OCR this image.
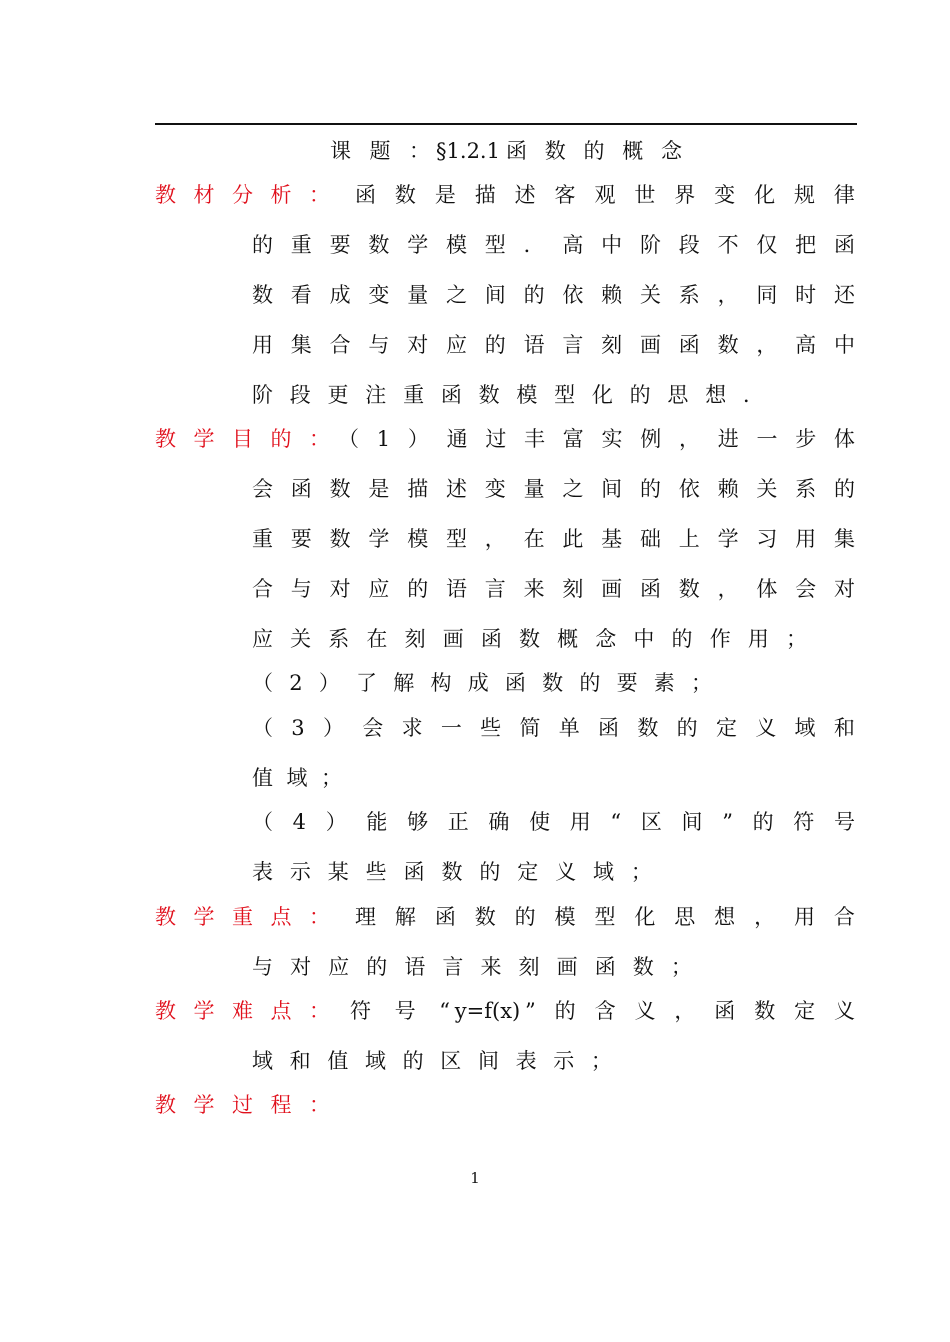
课 题 ： §1.2.1 函 数 的 概 念
教 材 分 析 ： 函 数 是 描 述 客 观 世 界 变 化 规 律
的 重 要 数 学 模 型 ． 高 中 阶 段 不 仅 把 函
数 看 成 变 量 之 间 的 依 赖 关 系 ， 同 时 还
用 集 合 与 对 应 的 语 言 刻 画 函 数 ， 高 中
阶 段 更 注 重 函 数 模 型 化 的 思 想 ．
教 学 目 的 ： （ 1 ） 通 过 丰 富 实 例 ， 进 一 步 体
会 函 数 是 描 述 变 量 之 间 的 依 赖 关 系 的
重 要 数 学 模 型 ， 在 此 基 础 上 学 习 用 集
合 与 对 应 的 语 言 来 刻 画 函 数 ， 体 会 对
应 关 系 在 刻 画 函 数 概 念 中 的 作 用 ；
（ 2 ） 了 解 构 成 函 数 的 要 素 ；
（ 3 ） 会 求 一 些 简 单 函 数 的 定 义 域 和
值 域 ；
（ 4 ） 能 够 正 确 使 用 “ 区 间 ” 的 符 号
表 示 某 些 函 数 的 定 义 域 ；
教 学 重 点 ： 理 解 函 数 的 模 型 化 思 想 ， 用 合
与 对 应 的 语 言 来 刻 画 函 数 ；
教 学 难 点 ： 符 号 “ y=f(x) ” 的 含 义 ， 函 数 定 义
域 和 值 域 的 区 间 表 示 ；
教 学 过 程 ：
1
